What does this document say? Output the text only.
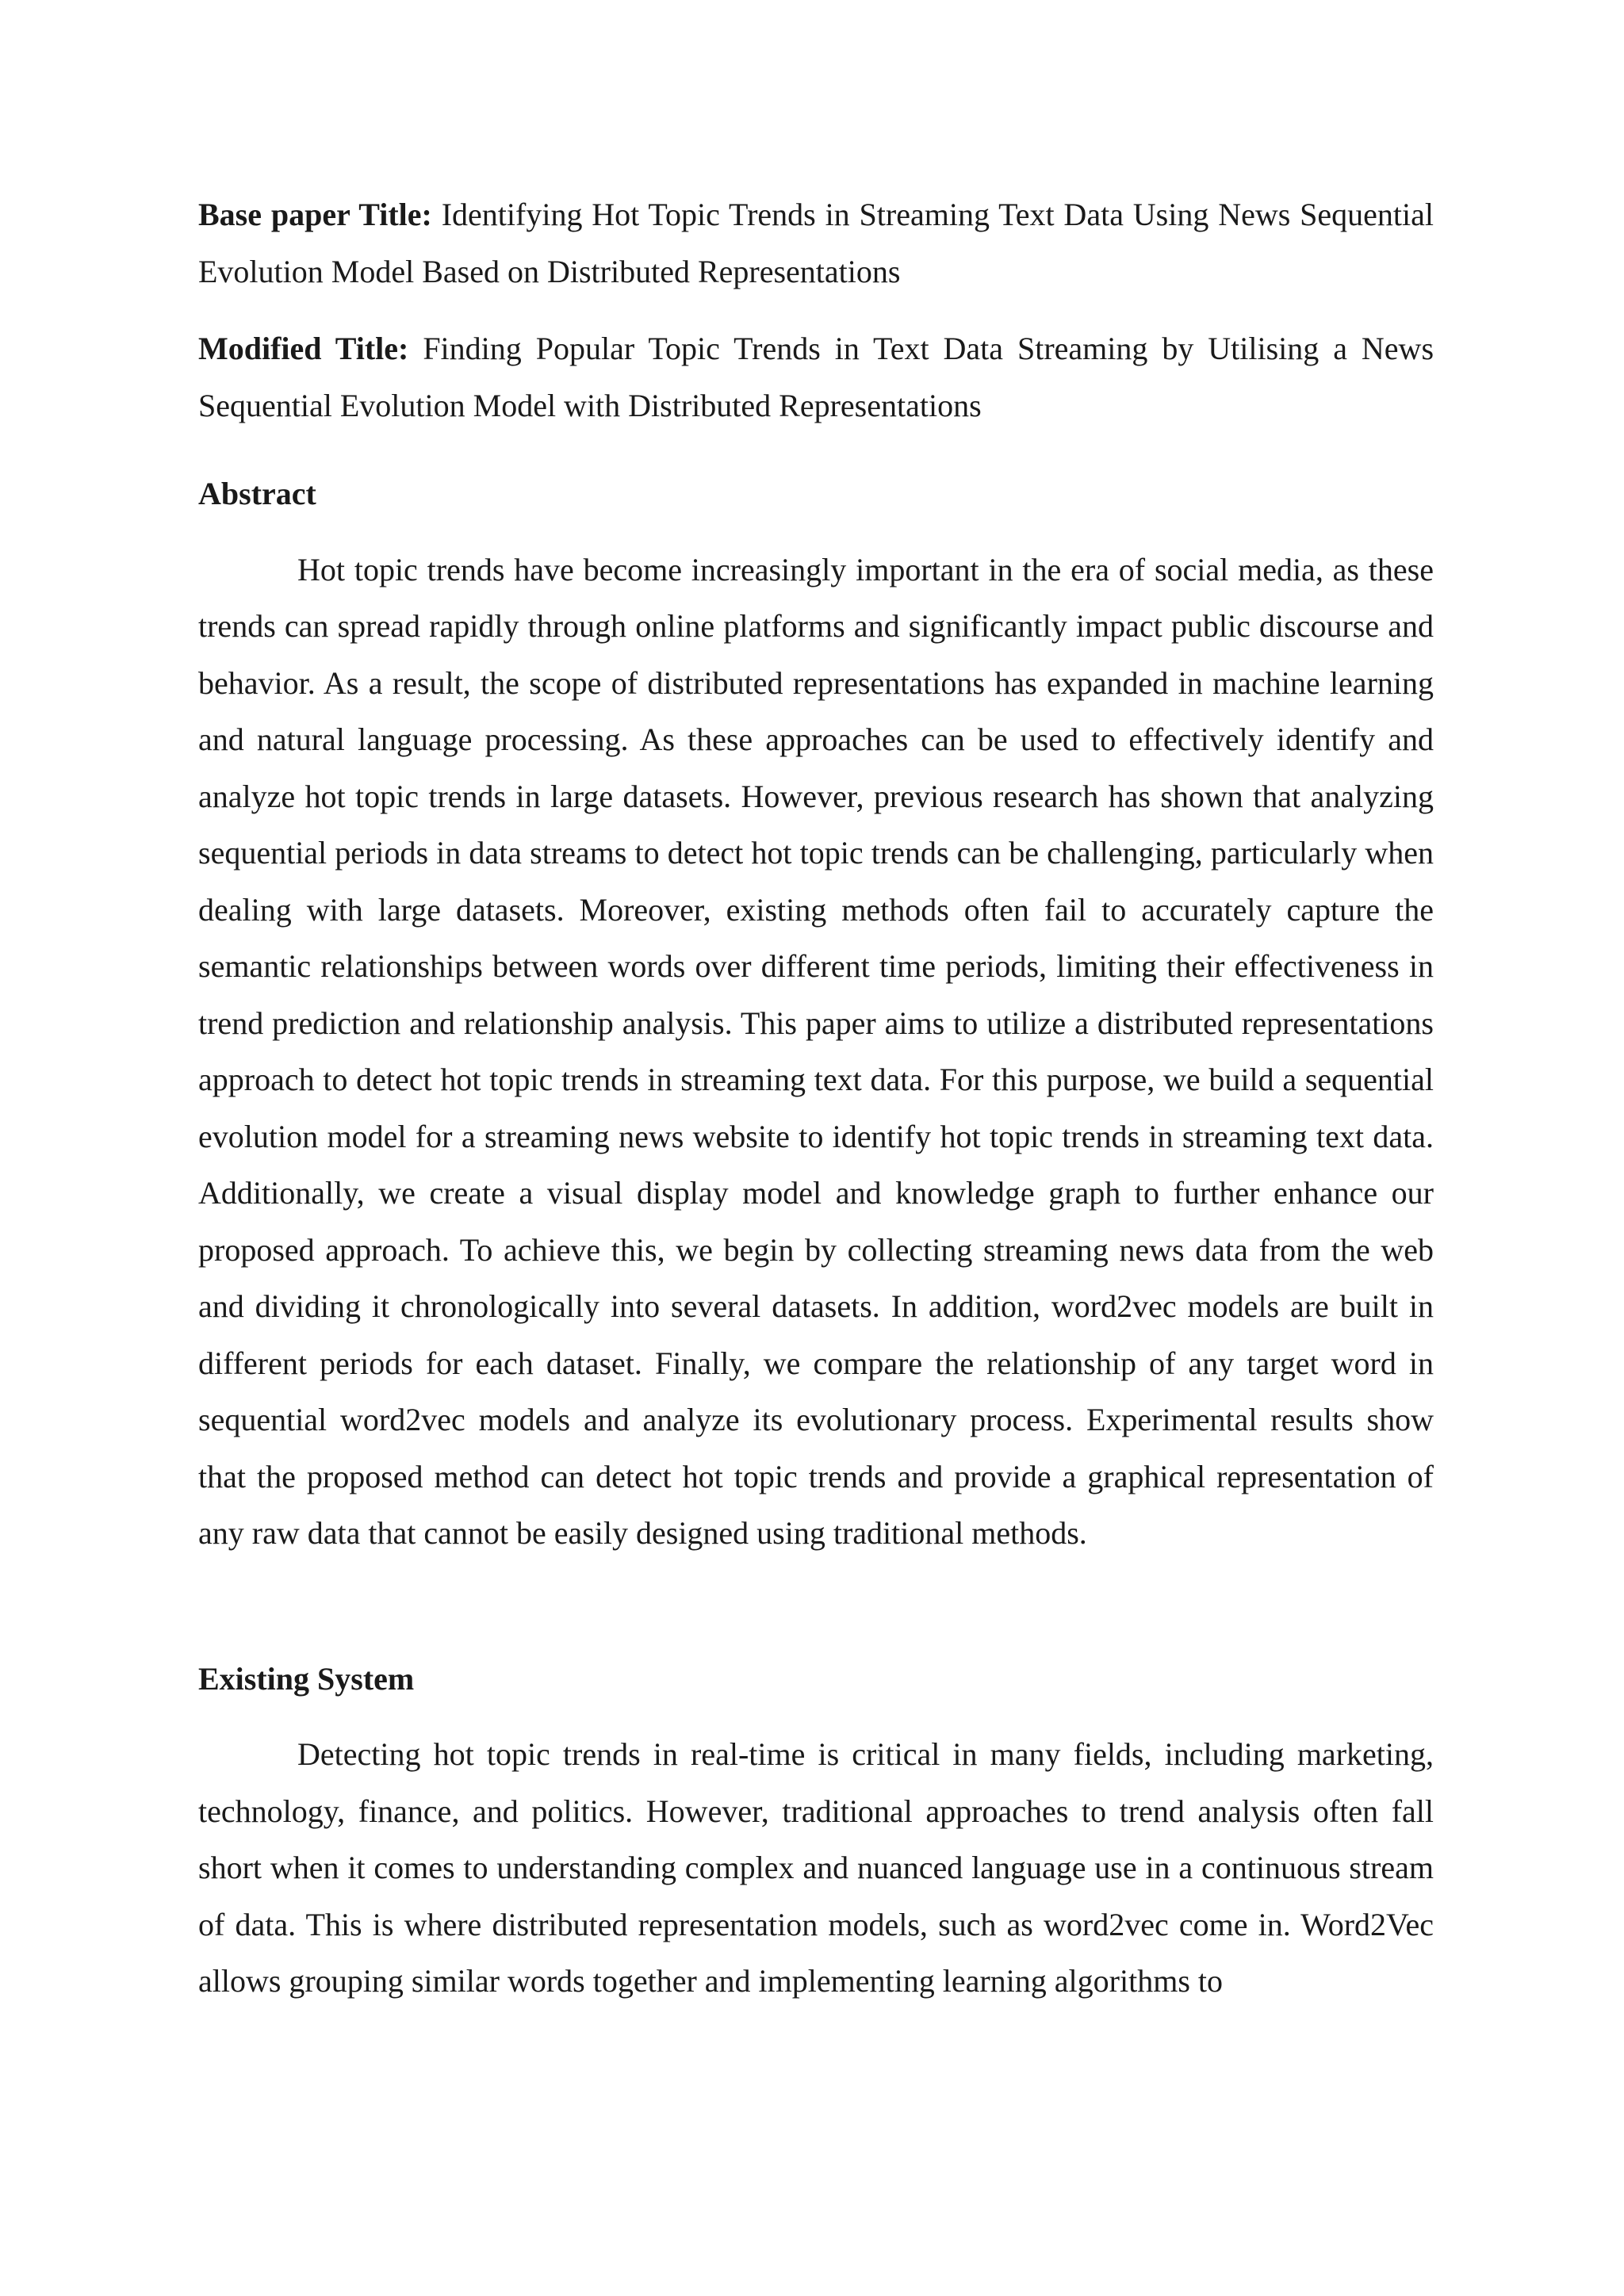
Base paper Title: Identifying Hot Topic Trends in Streaming Text Data Using News Sequential Evolution Model Based on Distributed Representations

Modified Title: Finding Popular Topic Trends in Text Data Streaming by Utilising a News Sequential Evolution Model with Distributed Representations

Abstract

Hot topic trends have become increasingly important in the era of social media, as these trends can spread rapidly through online platforms and significantly impact public discourse and behavior. As a result, the scope of distributed representations has expanded in machine learning and natural language processing. As these approaches can be used to effectively identify and analyze hot topic trends in large datasets. However, previous research has shown that analyzing sequential periods in data streams to detect hot topic trends can be challenging, particularly when dealing with large datasets. Moreover, existing methods often fail to accurately capture the semantic relationships between words over different time periods, limiting their effectiveness in trend prediction and relationship analysis. This paper aims to utilize a distributed representations approach to detect hot topic trends in streaming text data. For this purpose, we build a sequential evolution model for a streaming news website to identify hot topic trends in streaming text data. Additionally, we create a visual display model and knowledge graph to further enhance our proposed approach. To achieve this, we begin by collecting streaming news data from the web and dividing it chronologically into several datasets. In addition, word2vec models are built in different periods for each dataset. Finally, we compare the relationship of any target word in sequential word2vec models and analyze its evolutionary process. Experimental results show that the proposed method can detect hot topic trends and provide a graphical representation of any raw data that cannot be easily designed using traditional methods.

Existing System

Detecting hot topic trends in real-time is critical in many fields, including marketing, technology, finance, and politics. However, traditional approaches to trend analysis often fall short when it comes to understanding complex and nuanced language use in a continuous stream of data. This is where distributed representation models, such as word2vec come in. Word2Vec allows grouping similar words together and implementing learning algorithms to
